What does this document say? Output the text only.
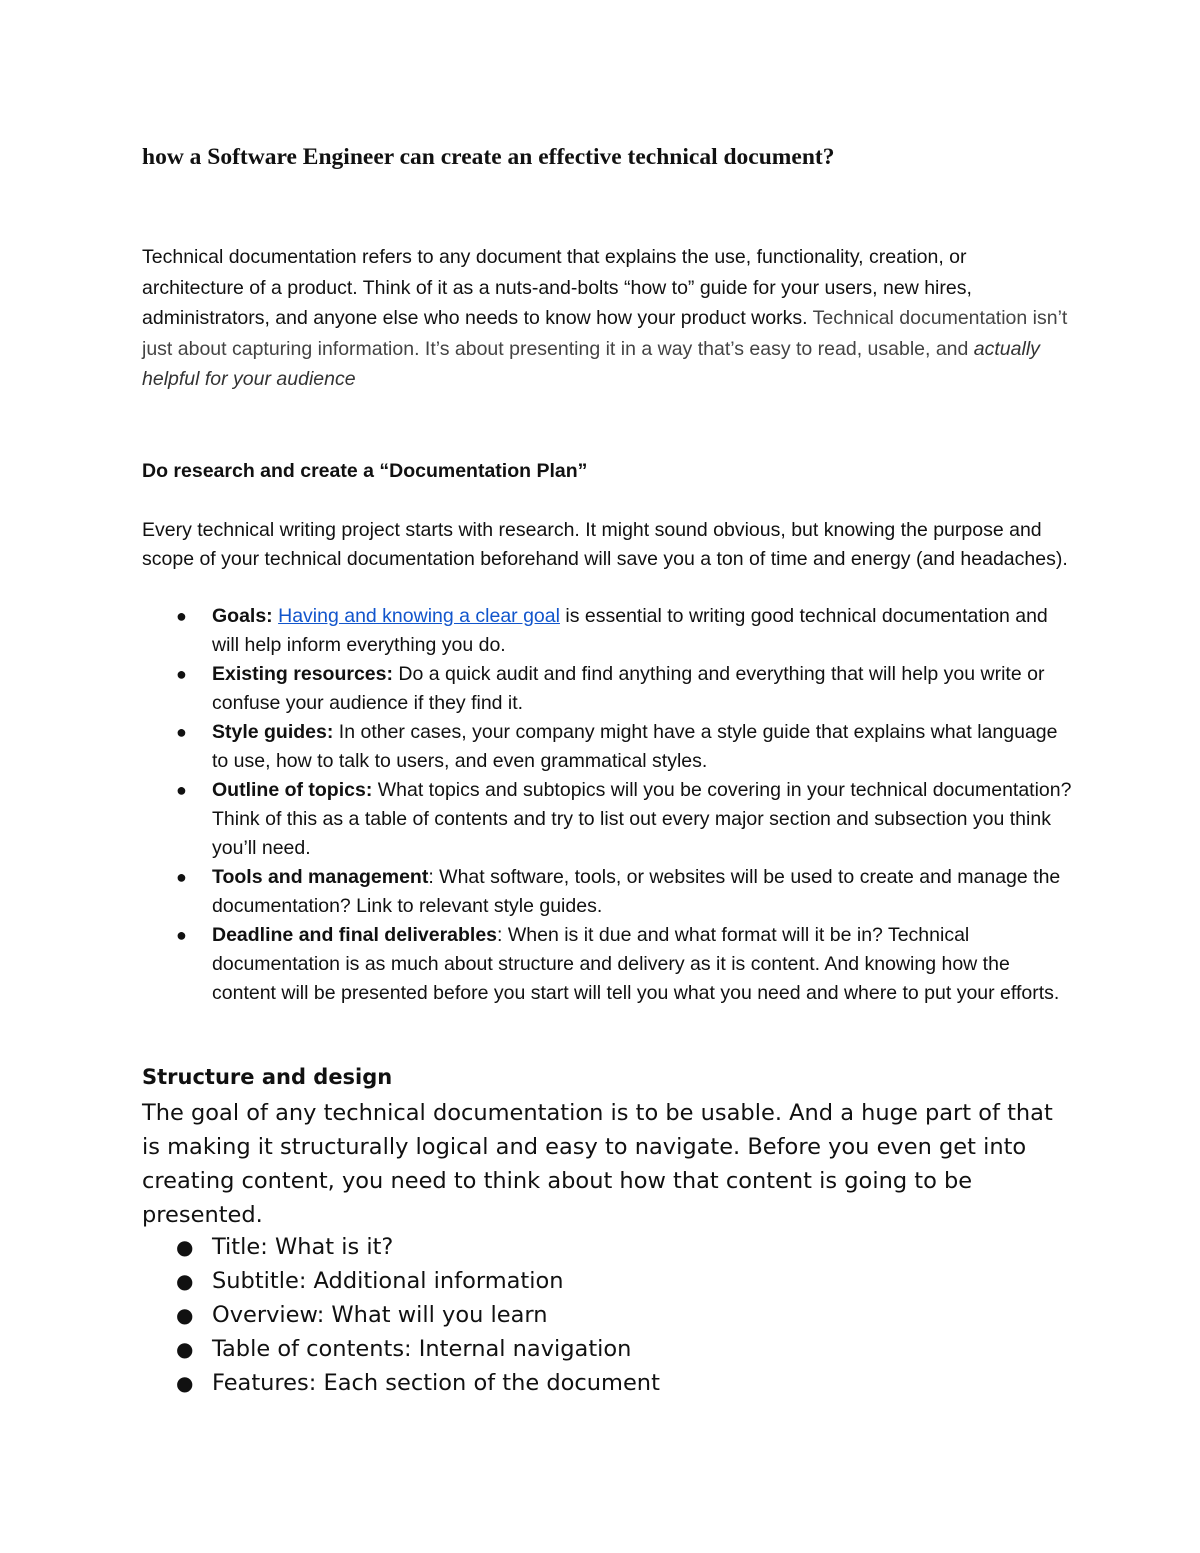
how a Software Engineer can create an effective technical document?

Technical documentation refers to any document that explains the use, functionality, creation, or architecture of a product. Think of it as a nuts-and-bolts “how to” guide for your users, new hires, administrators, and anyone else who needs to know how your product works. Technical documentation isn’t just about capturing information. It’s about presenting it in a way that’s easy to read, usable, and actually helpful for your audience

Do research and create a “Documentation Plan”

Every technical writing project starts with research. It might sound obvious, but knowing the purpose and scope of your technical documentation beforehand will save you a ton of time and energy (and headaches).

● Goals: Having and knowing a clear goal is essential to writing good technical documentation and will help inform everything you do.
● Existing resources: Do a quick audit and find anything and everything that will help you write or confuse your audience if they find it.
● Style guides: In other cases, your company might have a style guide that explains what language to use, how to talk to users, and even grammatical styles.
● Outline of topics: What topics and subtopics will you be covering in your technical documentation? Think of this as a table of contents and try to list out every major section and subsection you think you’ll need.
● Tools and management: What software, tools, or websites will be used to create and manage the documentation? Link to relevant style guides.
● Deadline and final deliverables: When is it due and what format will it be in? Technical documentation is as much about structure and delivery as it is content. And knowing how the content will be presented before you start will tell you what you need and where to put your efforts.
Structure and design

The goal of any technical documentation is to be usable. And a huge part of that is making it structurally logical and easy to navigate. Before you even get into creating content, you need to think about how that content is going to be presented.

● Title: What is it?
● Subtitle: Additional information
● Overview: What will you learn
● Table of contents: Internal navigation
● Features: Each section of the document
